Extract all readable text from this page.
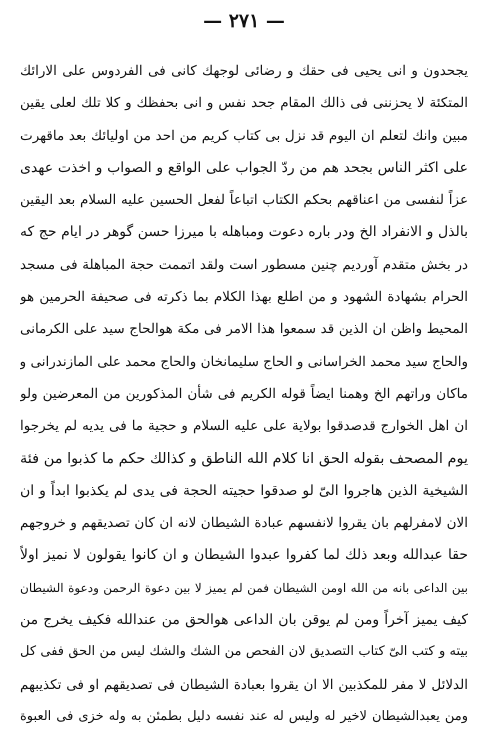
— ٢٧١ —
يجحدون و انى يحيى فى حقك و رضائى لوجهك كانى فى الفردوس على الارائك
المتكئة لا يحزننى فى ذالك المقام جحد نفس و انى بحفظك و كلا تلك لعلى يقين
مبين وانك لتعلم ان اليوم قد نزل بى كتاب كريم من احد من اوليائك بعد ماقهرت
على اكثر الناس بجحد هم من ردّ الجواب على الواقع و الصواب و اخذت عهدى
عزاً لنفسى من اعناقهم بحكم الكتاب اتباعاً لفعل الحسين عليه السلام بعد اليقين
بالذل و الانفراد الخ ودر باره دعوت ومباهله با ميرزا حسن گوهر در ايام حج كه
در بخش متقدم آوردیم چنين مسطور است ولقد اتممت حجة المباهلة فى مسجد
الحرام بشهادة الشهود و من اطلع بهذا الكلام بما ذكرته فى صحيفة الحرمين هو
المحيط واظن ان الذين قد سمعوا هذا الامر فى مكة هوالحاج سيد على الكرمانى
والحاج سيد محمد الخراسانى و الحاج سليمانخان والحاج محمد على المازندرانى و
ماكان وراتهم الخ وهمنا ايضاً قوله الكريم فى شأن المذكورين من المعرضين ولو
ان اهل الخوارج قدصدقوا بولاية على عليه السلام و حجية ما فى يديه لم يخرجوا
يوم المصحف بقوله الحق انا كلام الله الناطق و كذالك حكم ما كذبوا من فئة
الشيخية الذين هاجروا الىّ لو صدقوا حجيته الحجة فى يدى لم يكذبوا ابداً و ان
الان لامفرلهم بان يقروا لانفسهم عبادة الشيطان لانه ان كان تصديقهم و خروجهم
حقا عبدالله وبعد ذلك لما كفروا عبدوا الشيطان و ان كانوا يقولون لا نميز اولاً
بين الداعى بانه من الله اومن الشيطان فمن لم يميز لا بين دعوة الرحمن ودعوة الشيطان
كيف يميز آخراً ومن لم يوقن بان الداعى هوالحق من عندالله فكيف يخرج من
بيته و كتب الىّ كتاب التصديق لان الفحص من الشك والشك ليس من الحق ففى كل
الدلائل لا مفر للمكذبين الا ان يقروا بعبادة الشيطان فى تصديقهم او فى تكذيبهم
ومن يعبدالشيطان لاخير له وليس له عند نفسه دليل بطمئن به وله خزى فى العبوة
